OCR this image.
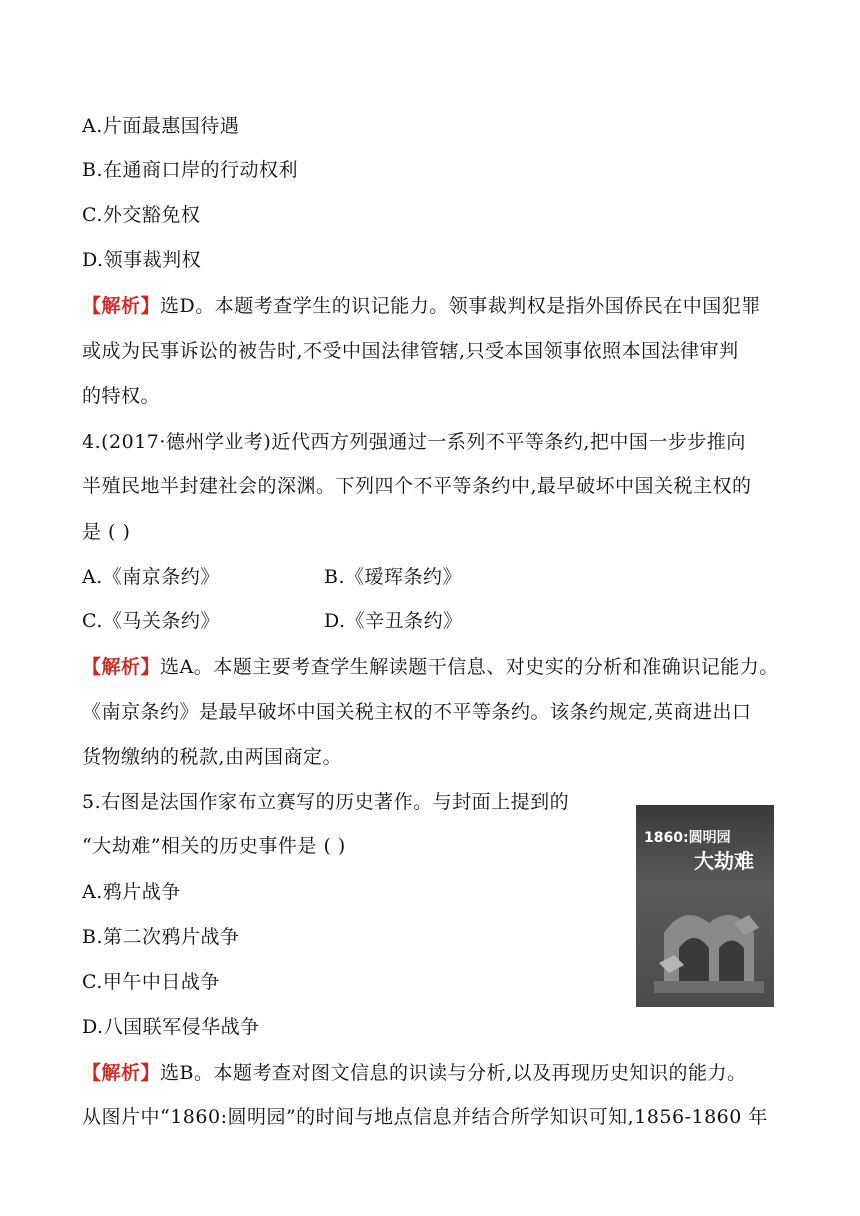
A.片面最惠国待遇
B.在通商口岸的行动权利
C.外交豁免权
D.领事裁判权
【解析】选D。本题考查学生的识记能力。领事裁判权是指外国侨民在中国犯罪
或成为民事诉讼的被告时,不受中国法律管辖,只受本国领事依照本国法律审判
的特权。
4.(2017·德州学业考)近代西方列强通过一系列不平等条约,把中国一步步推向
半殖民地半封建社会的深渊。下列四个不平等条约中,最早破坏中国关税主权的
是 ( )
A.《南京条约》	B.《瑷珲条约》
C.《马关条约》	D.《辛丑条约》
【解析】选A。本题主要考查学生解读题干信息、对史实的分析和准确识记能力。
《南京条约》是最早破坏中国关税主权的不平等条约。该条约规定,英商进出口
货物缴纳的税款,由两国商定。
5.右图是法国作家布立赛写的历史著作。与封面上提到的
“大劫难”相关的历史事件是 ( )
A.鸦片战争
B.第二次鸦片战争
C.甲午中日战争
D.八国联军侵华战争
1860:圆明园
大劫难
【解析】选B。本题考查对图文信息的识读与分析,以及再现历史知识的能力。
从图片中“1860:圆明园”的时间与地点信息并结合所学知识可知,1856-1860 年
